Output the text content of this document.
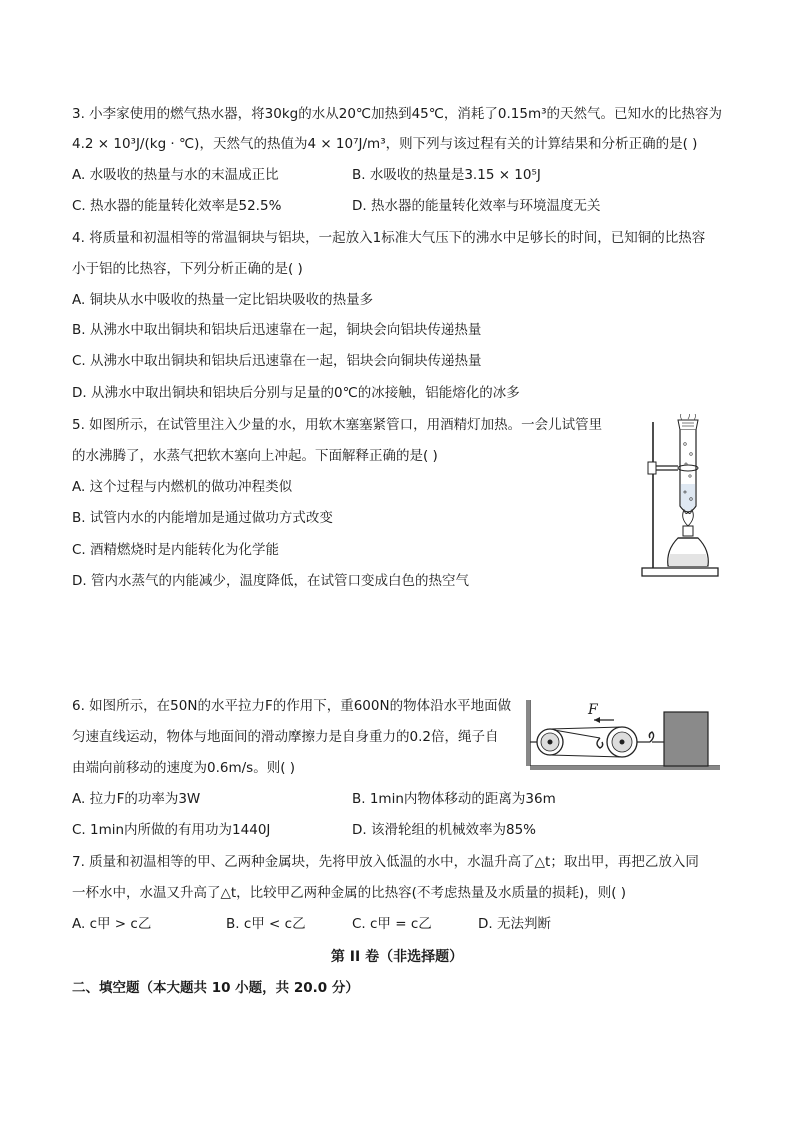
3. 小李家使用的燃气热水器，将30kg的水从20℃加热到45℃，消耗了0.15m³的天然气。已知水的比热容为
4.2 × 10³J/(kg · ℃)，天然气的热值为4 × 10⁷J/m³，则下列与该过程有关的计算结果和分析正确的是( )
A. 水吸收的热量与水的末温成正比	B. 水吸收的热量是3.15 × 10⁵J
C. 热水器的能量转化效率是52.5%	D. 热水器的能量转化效率与环境温度无关
4. 将质量和初温相等的常温铜块与铝块，一起放入1标准大气压下的沸水中足够长的时间，已知铜的比热容
小于铝的比热容，下列分析正确的是( )
A. 铜块从水中吸收的热量一定比铝块吸收的热量多
B. 从沸水中取出铜块和铝块后迅速靠在一起，铜块会向铝块传递热量
C. 从沸水中取出铜块和铝块后迅速靠在一起，铝块会向铜块传递热量
D. 从沸水中取出铜块和铝块后分别与足量的0℃的冰接触，铝能熔化的冰多
5. 如图所示，在试管里注入少量的水，用软木塞塞紧管口，用酒精灯加热。一会儿试管里
的水沸腾了，水蒸气把软木塞向上冲起。下面解释正确的是( )
A. 这个过程与内燃机的做功冲程类似
B. 试管内水的内能增加是通过做功方式改变
C. 酒精燃烧时是内能转化为化学能
D. 管内水蒸气的内能减少，温度降低，在试管口变成白色的热空气
6. 如图所示，在50N的水平拉力F的作用下，重600N的物体沿水平地面做
匀速直线运动，物体与地面间的滑动摩擦力是自身重力的0.2倍，绳子自
由端向前移动的速度为0.6m/s。则( )
F
A. 拉力F的功率为3W	B. 1min内物体移动的距离为36m
C. 1min内所做的有用功为1440J	D. 该滑轮组的机械效率为85%
7. 质量和初温相等的甲、乙两种金属块，先将甲放入低温的水中，水温升高了△t；取出甲，再把乙放入同
一杯水中，水温又升高了△t，比较甲乙两种金属的比热容(不考虑热量及水质量的损耗)，则( )
A. c甲 > c乙	B. c甲 < c乙	C. c甲 = c乙	D. 无法判断
第 II 卷（非选择题）
二、填空题（本大题共 10 小题，共 20.0 分）
